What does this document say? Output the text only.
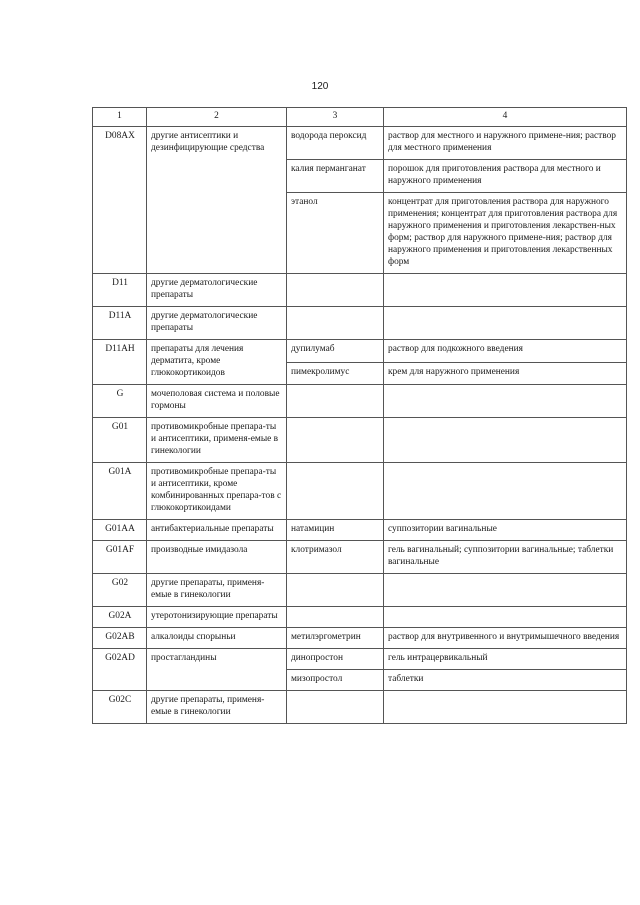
120
1	2	3	4
D08AX	другие антисептики и дезинфицирующие средства	водорода пероксид	раствор для местного и наружного примене-ния; раствор для местного применения
		калия перманганат	порошок для приготовления раствора для местного и наружного применения
		этанол	концентрат для приготовления раствора для наружного применения; концентрат для приготовления раствора для наружного применения и приготовления лекарствен-ных форм; раствор для наружного примене-ния; раствор для наружного применения и приготовления лекарственных форм
D11	другие дерматологические препараты		
D11A	другие дерматологические препараты		
D11AH	препараты для лечения дерматита, кроме глюкокортикоидов	дупилумаб	раствор для подкожного введения
		пимекролимус	крем для наружного применения
G	мочеполовая система и половые гормоны		
G01	противомикробные препара-ты и антисептики, применя-емые в гинекологии		
G01A	противомикробные препара-ты и антисептики, кроме комбинированных препара-тов с глюкокортикоидами		
G01AA	антибактериальные препараты	натамицин	суппозитории вагинальные
G01AF	производные имидазола	клотримазол	гель вагинальный; суппозитории вагинальные; таблетки вагинальные
G02	другие препараты, применя-емые в гинекологии		
G02A	утеротонизирующие препараты		
G02AB	алкалоиды спорыньи	метилэргометрин	раствор для внутривенного и внутримышечного введения
G02AD	простагландины	динопростон	гель интрацервикальный
		мизопростол	таблетки
G02C	другие препараты, применя-емые в гинекологии		
